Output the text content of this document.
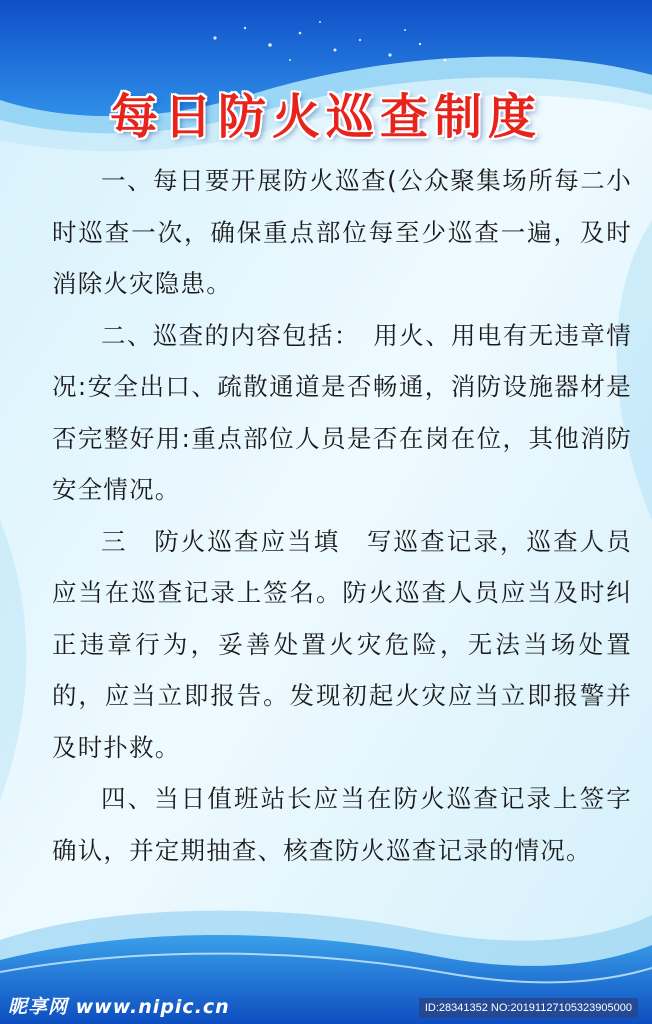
每日防火巡查制度

一、每日要开展防火巡查(公众聚集场所每二小时巡查一次，确保重点部位每至少巡查一遍，及时消除火灾隐患。

二、巡查的内容包括：　用火、用电有无违章情况:安全出口、疏散通道是否畅通，消防设施器材是否完整好用:重点部位人员是否在岗在位，其他消防安全情况。

三　防火巡查应当填　写巡查记录，巡查人员应当在巡查记录上签名。防火巡查人员应当及时纠正违章行为，妥善处置火灾危险，无法当场处置的，应当立即报告。发现初起火灾应当立即报警并及时扑救。

四、当日值班站长应当在防火巡查记录上签字确认，并定期抽查、核查防火巡查记录的情况。

昵享网 www.nipic.cn	ID:28341352 NO:20191127105323905000
